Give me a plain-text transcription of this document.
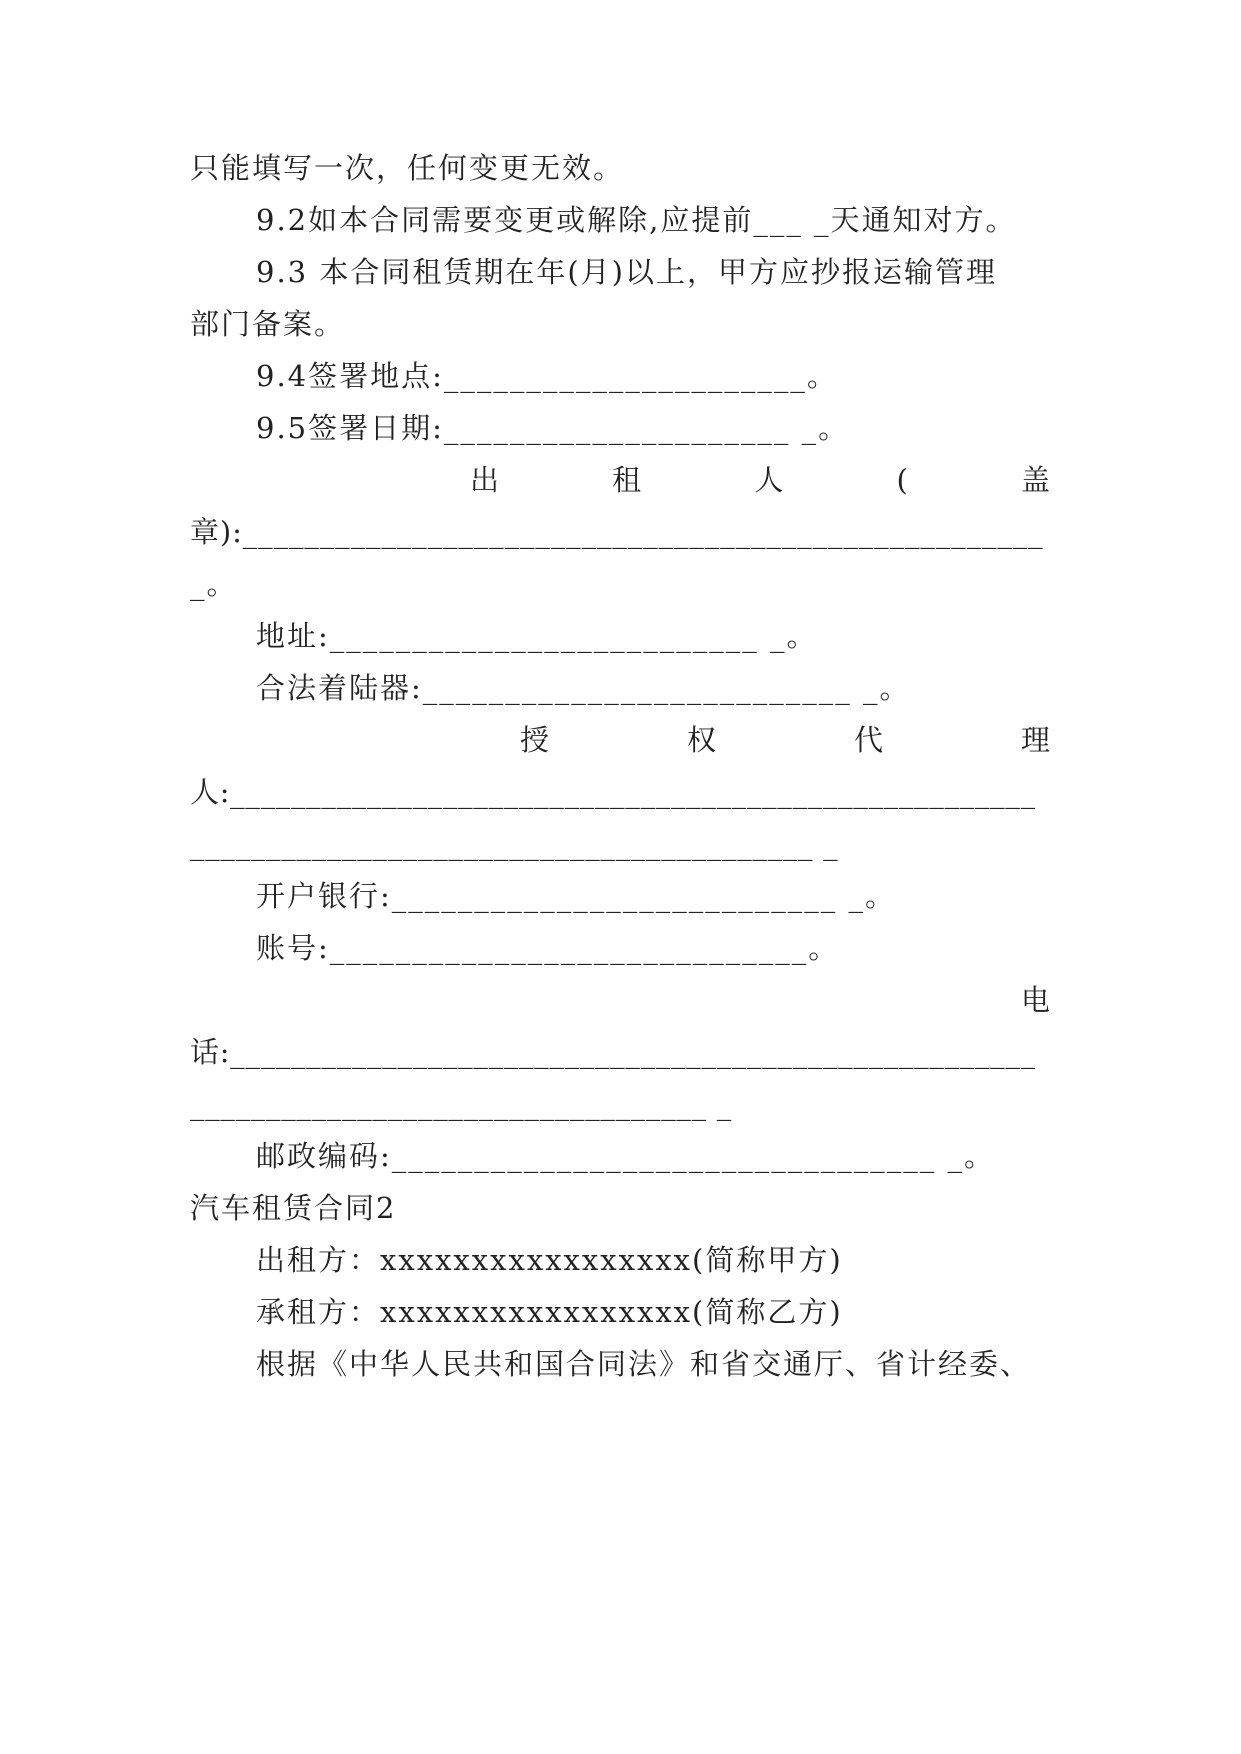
只能填写一次，任何变更无效。
9.2如本合同需要变更或解除,应提前___ _天通知对方。
9.3 本合同租赁期在年(月)以上，甲方应抄报运输管理
部门备案。
9.4签署地点:______________________。
9.5签署日期:_____________________ _。
出	租	人	(	盖
章):____________________________________________________
_。
地址:__________________________ _。
合法着陆器:__________________________ _。
授	权	代	理
人:_____________________________________________________
_________________________________________ _
开户银行:___________________________ _。
账号:_____________________________。
电
话:_____________________________________________________
__________________________________ _
邮政编码:_________________________________ _。
汽车租赁合同2
出租方：xxxxxxxxxxxxxxxxx(简称甲方)
承租方：xxxxxxxxxxxxxxxxx(简称乙方)
根据《中华人民共和国合同法》和省交通厅、省计经委、
